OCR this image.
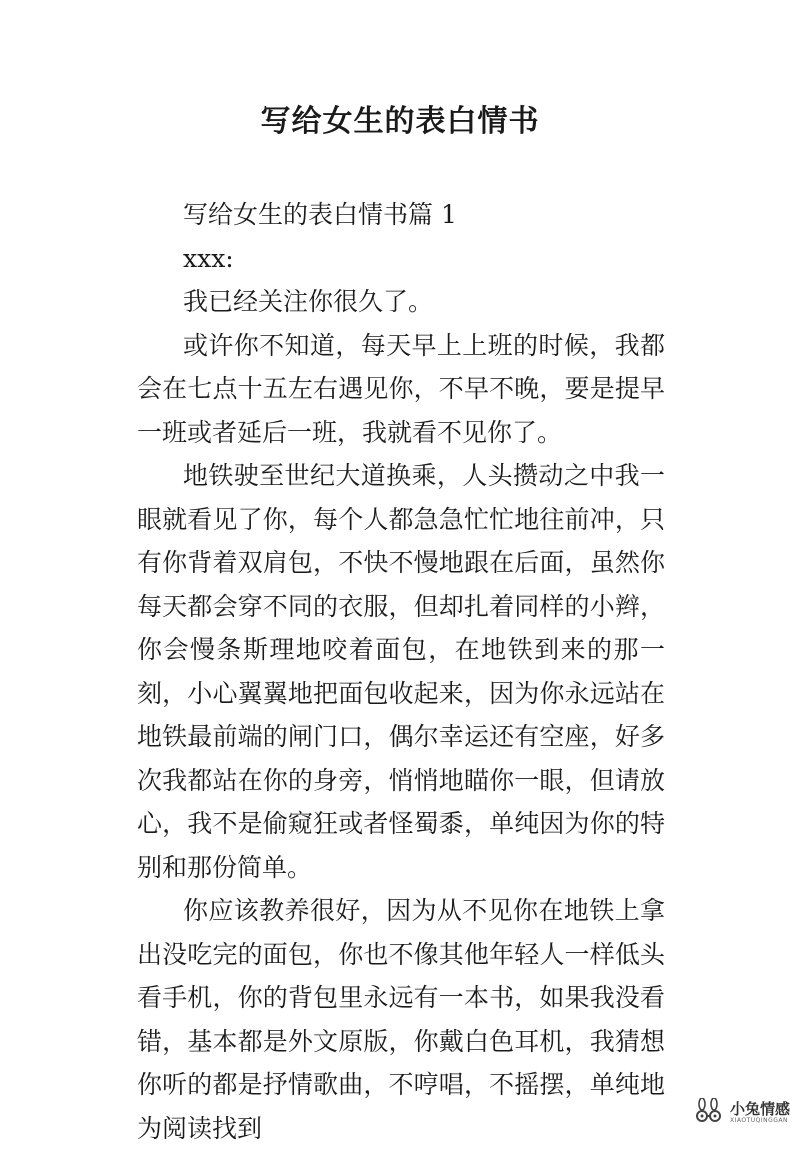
写给女生的表白情书

写给女生的表白情书篇 1

xxx:

我已经关注你很久了。

或许你不知道，每天早上上班的时候，我都会在七点十五左右遇见你，不早不晚，要是提早一班或者延后一班，我就看不见你了。

地铁驶至世纪大道换乘，人头攒动之中我一眼就看见了你，每个人都急急忙忙地往前冲，只有你背着双肩包，不快不慢地跟在后面，虽然你每天都会穿不同的衣服，但却扎着同样的小辫，你会慢条斯理地咬着面包，在地铁到来的那一刻，小心翼翼地把面包收起来，因为你永远站在地铁最前端的闸门口，偶尔幸运还有空座，好多次我都站在你的身旁，悄悄地瞄你一眼，但请放心，我不是偷窥狂或者怪蜀黍，单纯因为你的特别和那份简单。

你应该教养很好，因为从不见你在地铁上拿出没吃完的面包，你也不像其他年轻人一样低头看手机，你的背包里永远有一本书，如果我没看错，基本都是外文原版，你戴白色耳机，我猜想你听的都是抒情歌曲，不哼唱，不摇摆，单纯地为阅读找到

小兔情感
XIAOTUQINGGAN
